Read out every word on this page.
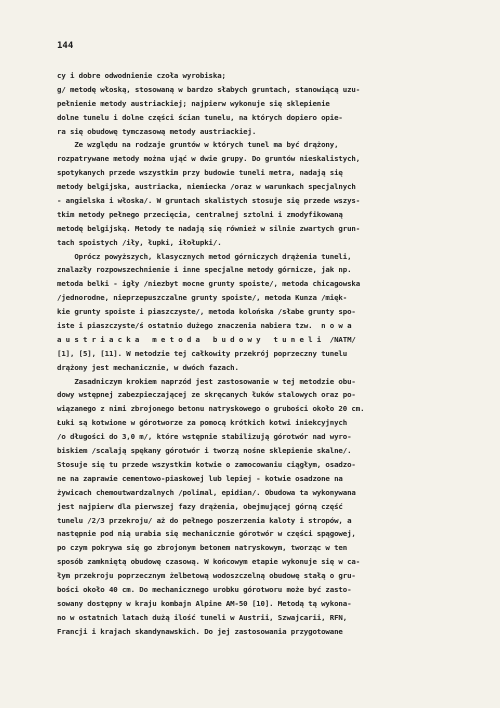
144
cy i dobre odwodnienie czoła wyrobiska;
g/ metodę włoską, stosowaną w bardzo słabych gruntach, stanowiącą uzu-
pełnienie metody austriackiej; najpierw wykonuje się sklepienie
dolne tunelu i dolne części ścian tunelu, na których dopiero opie-
ra się obudowę tymczasową metody austriackiej.
Ze względu na rodzaje gruntów w których tunel ma być drążony,
rozpatrywane metody można ująć w dwie grupy. Do gruntów nieskalistych,
spotykanych przede wszystkim przy budowie tuneli metra, nadają się
metody belgijska, austriacka, niemiecka /oraz w warunkach specjalnych
- angielska i włoska/. W gruntach skalistych stosuje się przede wszys-
tkim metody pełnego przecięcia, centralnej sztolni i zmodyfikowaną
metodę belgijską. Metody te nadają się również w silnie zwartych grun-
tach spoistych /iły, łupki, iłołupki/.
Oprócz powyższych, klasycznych metod górniczych drążenia tuneli,
znalazły rozpowszechnienie i inne specjalne metody górnicze, jak np.
metoda belki - igły /niezbyt mocne grunty spoiste/, metoda chicagowska
/jednorodne, nieprzepuszczalne grunty spoiste/, metoda Kunza /mięk-
kie grunty spoiste i piaszczyste/, metoda kolońska /słabe grunty spo-
iste i piaszczyste/ś ostatnio dużego znaczenia nabiera tzw.  n o w a
a u s t r i a c k a   m e t o d a   b u d o w y   t u n e l i  /NATM/
[1], [5], [11]. W metodzie tej całkowity przekrój poprzeczny tunelu
drążony jest mechanicznie, w dwóch fazach.
Zasadniczym krokiem naprzód jest zastosowanie w tej metodzie obu-
dowy wstępnej zabezpieczającej ze skręcanych łuków stalowych oraz po-
wiązanego z nimi zbrojonego betonu natryskowego o grubości około 20 cm.
Łuki są kotwione w górotworze za pomocą krótkich kotwi iniekcyjnych
/o długości do 3,0 m/, które wstępnie stabilizują górotwór nad wyro-
biskiem /scalają spękany górotwór i tworzą nośne sklepienie skalne/.
Stosuje się tu przede wszystkim kotwie o zamocowaniu ciągłym, osadzo-
ne na zaprawie cementowo-piaskowej lub lepiej - kotwie osadzone na
żywicach chemoutwardzalnych /polimal, epidian/. Obudowa ta wykonywana
jest najpierw dla pierwszej fazy drążenia, obejmującej górną część
tunelu /2/3 przekroju/ aż do pełnego poszerzenia kaloty i stropów, a
następnie pod nią urabia się mechanicznie górotwór w części spągowej,
po czym pokrywa się go zbrojonym betonem natryskowym, tworząc w ten
sposób zamkniętą obudowę czasową. W końcowym etapie wykonuje się w ca-
łym przekroju poprzecznym żelbetową wodoszczelną obudowę stałą o gru-
bości około 40 cm. Do mechanicznego urobku górotworu może być zasto-
sowany dostępny w kraju kombajn Alpine AM-50 [10]. Metodą tą wykona-
no w ostatnich latach dużą ilość tuneli w Austrii, Szwajcarii, RFN,
Francji i krajach skandynawskich. Do jej zastosowania przygotowane
